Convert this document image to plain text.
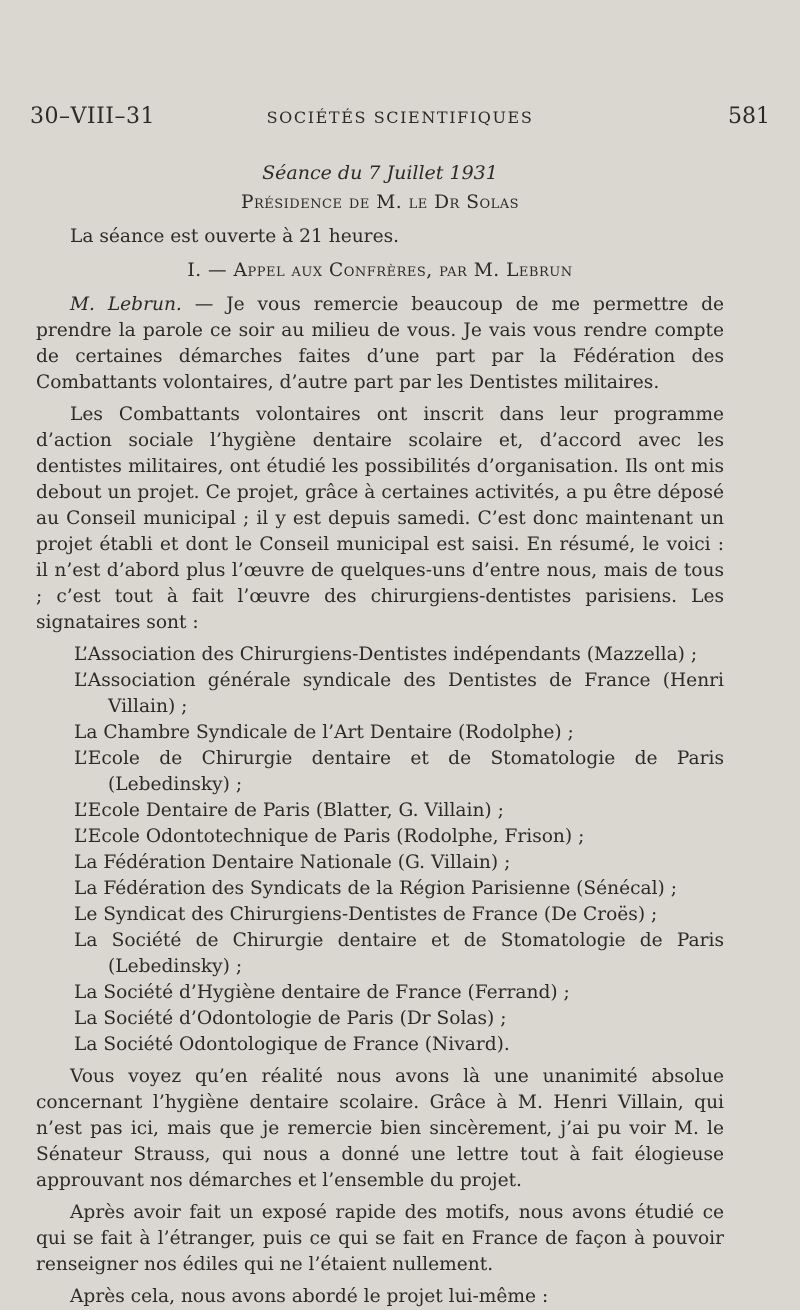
30–VIII–31	SOCIÉTÉS SCIENTIFIQUES	581
Séance du 7 Juillet 1931
Présidence de M. le Dr Solas

La séance est ouverte à 21 heures.

I. — Appel aux Confrères, par M. Lebrun

M. Lebrun. — Je vous remercie beaucoup de me permettre de prendre la parole ce soir au milieu de vous. Je vais vous rendre compte de certaines démarches faites d’une part par la Fédération des Combattants volontaires, d’autre part par les Dentistes militaires.

Les Combattants volontaires ont inscrit dans leur programme d’action sociale l’hygiène dentaire scolaire et, d’accord avec les dentistes militaires, ont étudié les possibilités d’organisation. Ils ont mis debout un projet. Ce projet, grâce à certaines activités, a pu être déposé au Conseil municipal ; il y est depuis samedi. C’est donc maintenant un projet établi et dont le Conseil municipal est saisi. En résumé, le voici : il n’est d’abord plus l’œuvre de quelques-uns d’entre nous, mais de tous ; c’est tout à fait l’œuvre des chirurgiens-dentistes parisiens. Les signataires sont :

L’Association des Chirurgiens-Dentistes indépendants (Mazzella) ;
L’Association générale syndicale des Dentistes de France (Henri Villain) ;
La Chambre Syndicale de l’Art Dentaire (Rodolphe) ;
L’Ecole de Chirurgie dentaire et de Stomatologie de Paris (Lebedinsky) ;
L’Ecole Dentaire de Paris (Blatter, G. Villain) ;
L’Ecole Odontotechnique de Paris (Rodolphe, Frison) ;
La Fédération Dentaire Nationale (G. Villain) ;
La Fédération des Syndicats de la Région Parisienne (Sénécal) ;
Le Syndicat des Chirurgiens-Dentistes de France (De Croës) ;
La Société de Chirurgie dentaire et de Stomatologie de Paris (Lebedinsky) ;
La Société d’Hygiène dentaire de France (Ferrand) ;
La Société d’Odontologie de Paris (Dr Solas) ;
La Société Odontologique de France (Nivard).

Vous voyez qu’en réalité nous avons là une unanimité absolue concernant l’hygiène dentaire scolaire. Grâce à M. Henri Villain, qui n’est pas ici, mais que je remercie bien sincèrement, j’ai pu voir M. le Sénateur Strauss, qui nous a donné une lettre tout à fait élogieuse approuvant nos démarches et l’ensemble du projet.

Après avoir fait un exposé rapide des motifs, nous avons étudié ce qui se fait à l’étranger, puis ce qui se fait en France de façon à pouvoir renseigner nos édiles qui ne l’étaient nullement.

Après cela, nous avons abordé le projet lui-même :
